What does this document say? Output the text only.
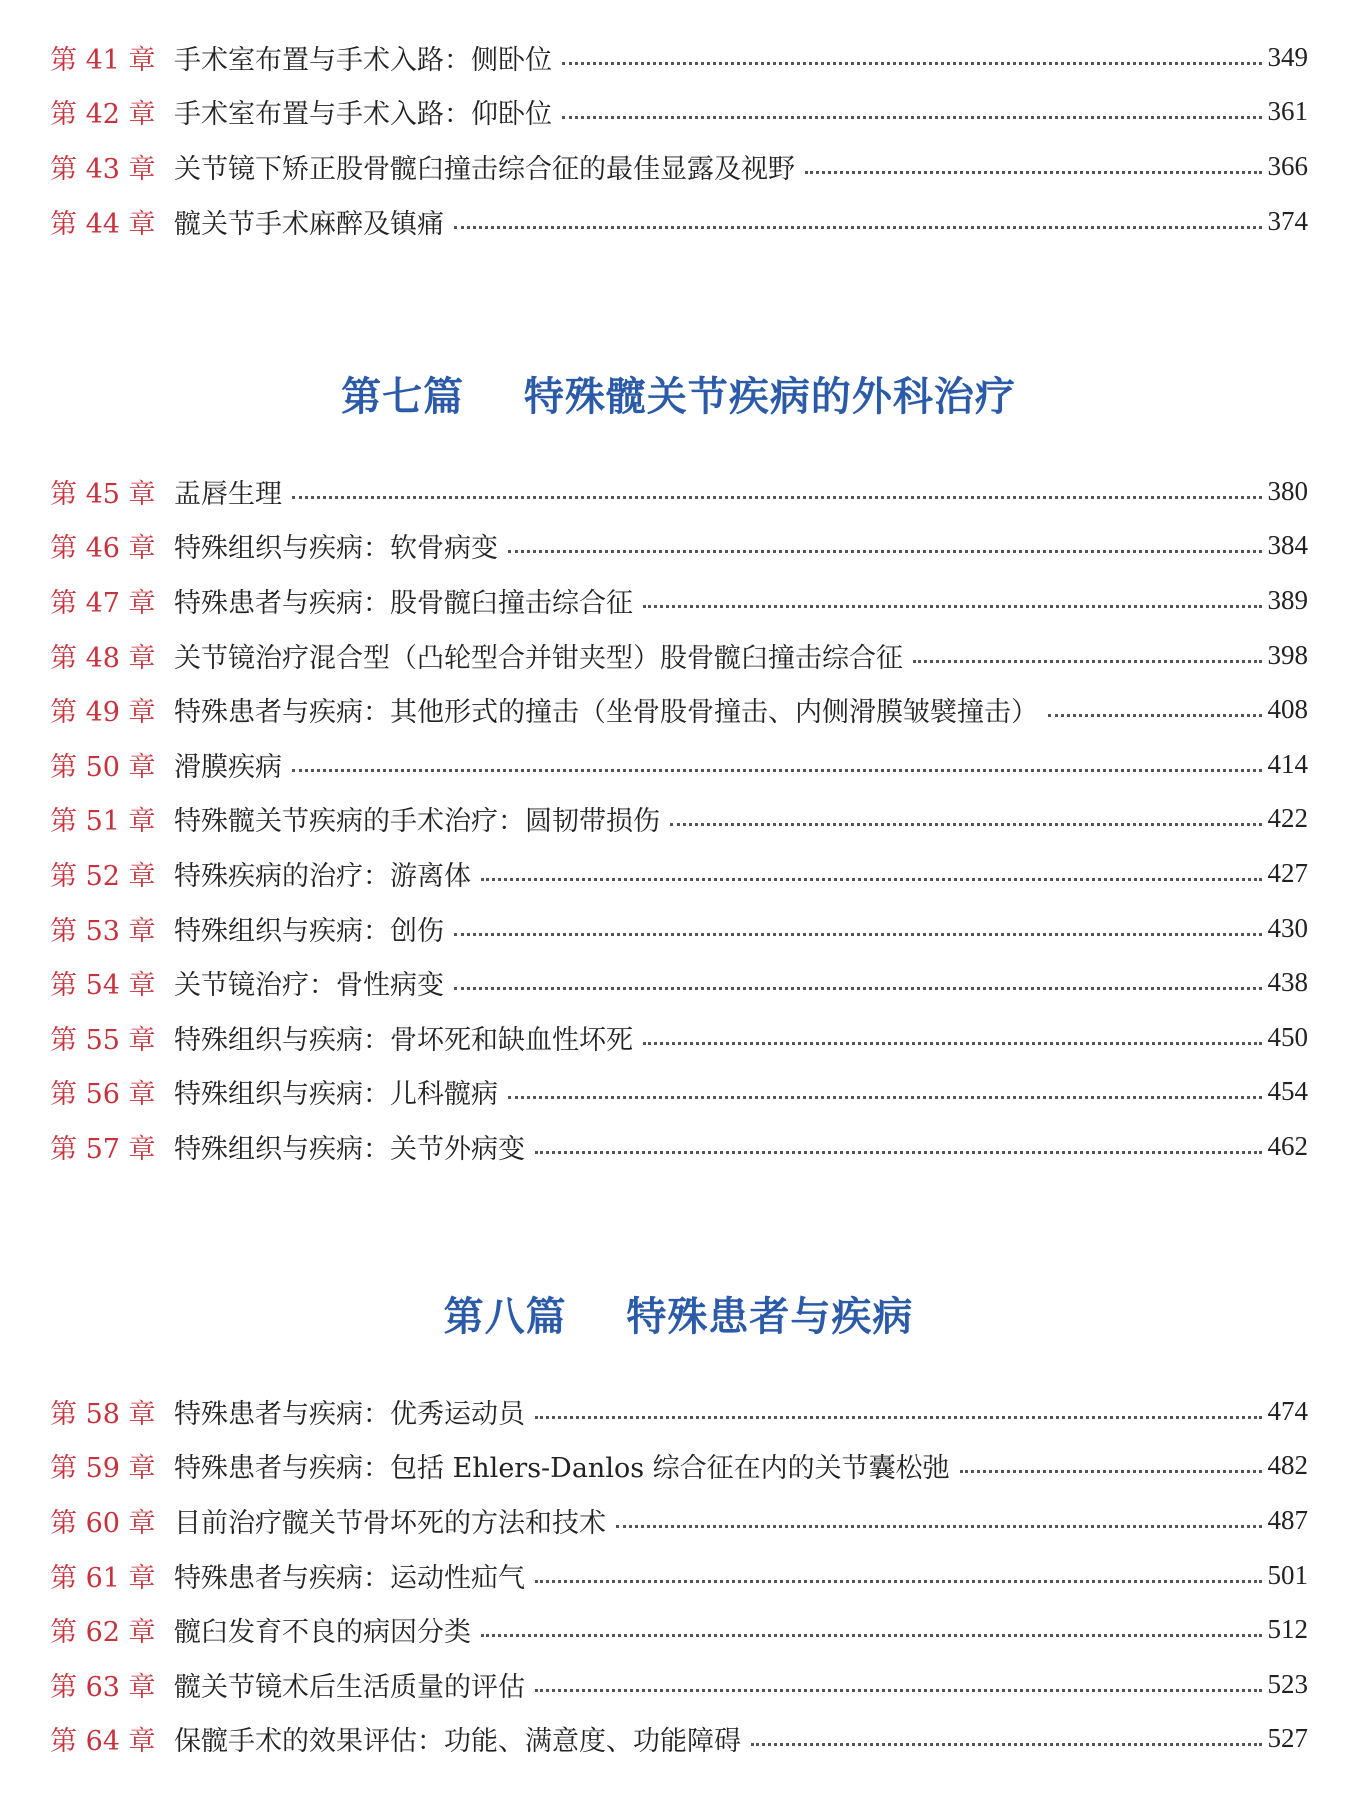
第 41 章 手术室布置与手术入路：侧卧位	349
第 42 章 手术室布置与手术入路：仰卧位	361
第 43 章 关节镜下矫正股骨髋臼撞击综合征的最佳显露及视野	366
第 44 章 髋关节手术麻醉及镇痛	374
第七篇 特殊髋关节疾病的外科治疗
第 45 章 盂唇生理	380
第 46 章 特殊组织与疾病：软骨病变	384
第 47 章 特殊患者与疾病：股骨髋臼撞击综合征	389
第 48 章 关节镜治疗混合型（凸轮型合并钳夹型）股骨髋臼撞击综合征	398
第 49 章 特殊患者与疾病：其他形式的撞击（坐骨股骨撞击、内侧滑膜皱襞撞击）	408
第 50 章 滑膜疾病	414
第 51 章 特殊髋关节疾病的手术治疗：圆韧带损伤	422
第 52 章 特殊疾病的治疗：游离体	427
第 53 章 特殊组织与疾病：创伤	430
第 54 章 关节镜治疗：骨性病变	438
第 55 章 特殊组织与疾病：骨坏死和缺血性坏死	450
第 56 章 特殊组织与疾病：儿科髋病	454
第 57 章 特殊组织与疾病：关节外病变	462
第八篇 特殊患者与疾病
第 58 章 特殊患者与疾病：优秀运动员	474
第 59 章 特殊患者与疾病：包括 Ehlers-Danlos 综合征在内的关节囊松弛	482
第 60 章 目前治疗髋关节骨坏死的方法和技术	487
第 61 章 特殊患者与疾病：运动性疝气	501
第 62 章 髋臼发育不良的病因分类	512
第 63 章 髋关节镜术后生活质量的评估	523
第 64 章 保髋手术的效果评估：功能、满意度、功能障碍	527
